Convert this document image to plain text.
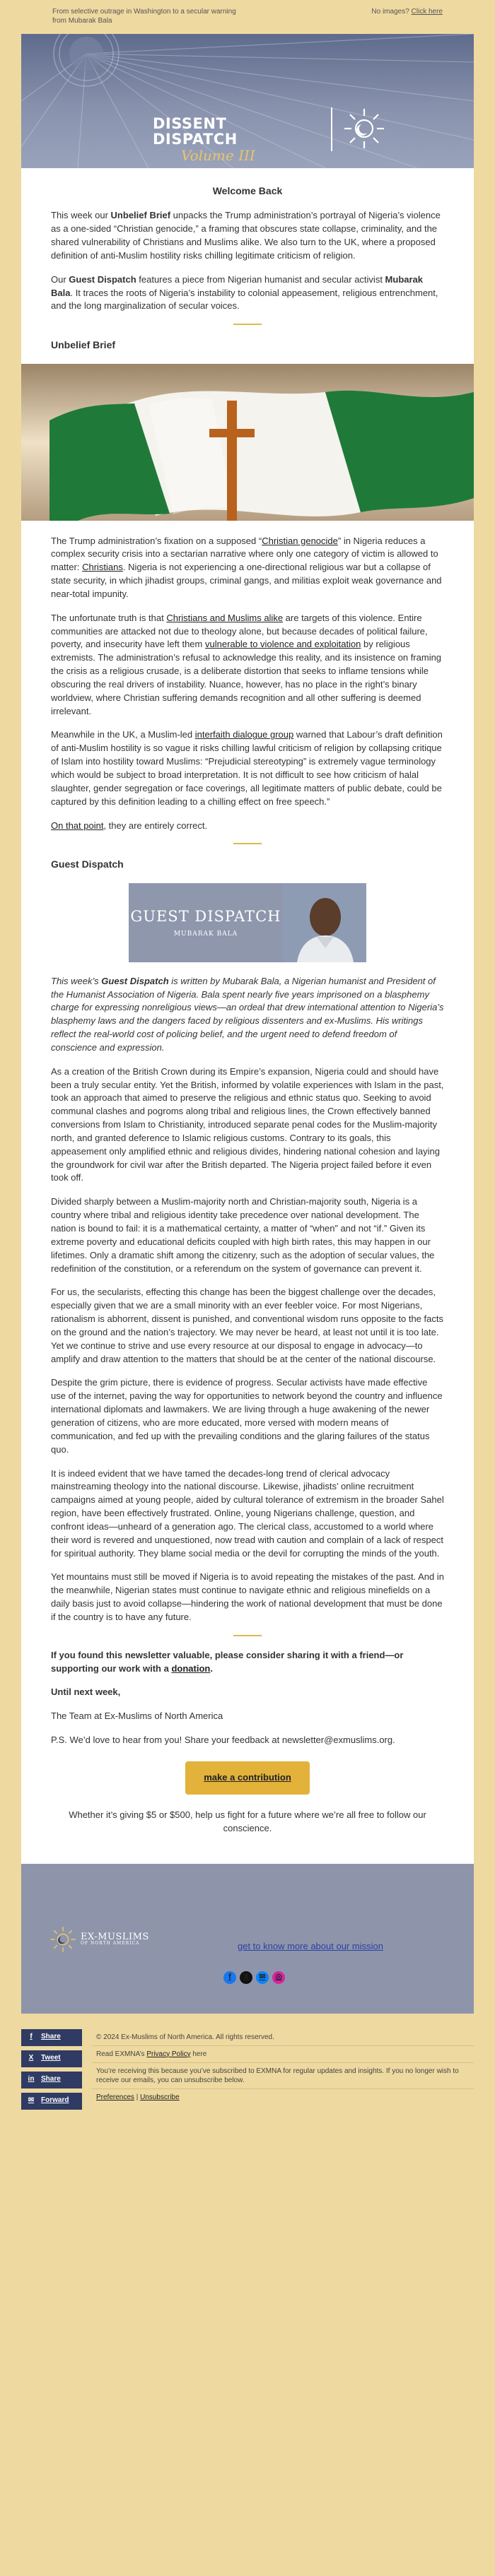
From selective outrage in Washington to a secular warning from Mubarak Bala
No images? Click here
DISSENT
DISPATCH
Volume III
Welcome Back

This week our Unbelief Brief unpacks the Trump administration’s portrayal of Nigeria’s violence as a one-sided “Christian genocide,” a framing that obscures state collapse, criminality, and the shared vulnerability of Christians and Muslims alike. We also turn to the UK, where a proposed definition of anti-Muslim hostility risks chilling legitimate criticism of religion.

Our Guest Dispatch features a piece from Nigerian humanist and secular activist Mubarak Bala. It traces the roots of Nigeria’s instability to colonial appeasement, religious entrenchment, and the long marginalization of secular voices.

Unbelief Brief

The Trump administration’s fixation on a supposed “Christian genocide” in Nigeria reduces a complex security crisis into a sectarian narrative where only one category of victim is allowed to matter: Christians. Nigeria is not experiencing a one-directional religious war but a collapse of state security, in which jihadist groups, criminal gangs, and militias exploit weak governance and near-total impunity.

The unfortunate truth is that Christians and Muslims alike are targets of this violence. Entire communities are attacked not due to theology alone, but because decades of political failure, poverty, and insecurity have left them vulnerable to violence and exploitation by religious extremists. The administration’s refusal to acknowledge this reality, and its insistence on framing the crisis as a religious crusade, is a deliberate distortion that seeks to inflame tensions while obscuring the real drivers of instability. Nuance, however, has no place in the right’s binary worldview, where Christian suffering demands recognition and all other suffering is deemed irrelevant.

Meanwhile in the UK, a Muslim-led interfaith dialogue group warned that Labour’s draft definition of anti-Muslim hostility is so vague it risks chilling lawful criticism of religion by collapsing critique of Islam into hostility toward Muslims: “Prejudicial stereotyping” is extremely vague terminology which would be subject to broad interpretation. It is not difficult to see how criticism of halal slaughter, gender segregation or face coverings, all legitimate matters of public debate, could be captured by this definition leading to a chilling effect on free speech.”

On that point, they are entirely correct.

Guest Dispatch
GUEST DISPATCH
MUBARAK BALA

This week’s Guest Dispatch is written by Mubarak Bala, a Nigerian humanist and President of the Humanist Association of Nigeria. Bala spent nearly five years imprisoned on a blasphemy charge for expressing nonreligious views—an ordeal that drew international attention to Nigeria’s blasphemy laws and the dangers faced by religious dissenters and ex-Muslims. His writings reflect the real-world cost of policing belief, and the urgent need to defend freedom of conscience and expression.

As a creation of the British Crown during its Empire’s expansion, Nigeria could and should have been a truly secular entity. Yet the British, informed by volatile experiences with Islam in the past, took an approach that aimed to preserve the religious and ethnic status quo. Seeking to avoid communal clashes and pogroms along tribal and religious lines, the Crown effectively banned conversions from Islam to Christianity, introduced separate penal codes for the Muslim-majority north, and granted deference to Islamic religious customs. Contrary to its goals, this appeasement only amplified ethnic and religious divides, hindering national cohesion and laying the groundwork for civil war after the British departed. The Nigeria project failed before it even took off.

Divided sharply between a Muslim-majority north and Christian-majority south, Nigeria is a country where tribal and religious identity take precedence over national development. The nation is bound to fail: it is a mathematical certainty, a matter of “when” and not “if.” Given its extreme poverty and educational deficits coupled with high birth rates, this may happen in our lifetimes. Only a dramatic shift among the citizenry, such as the adoption of secular values, the redefinition of the constitution, or a referendum on the system of governance can prevent it.

For us, the secularists, effecting this change has been the biggest challenge over the decades, especially given that we are a small minority with an ever feebler voice. For most Nigerians, rationalism is abhorrent, dissent is punished, and conventional wisdom runs opposite to the facts on the ground and the nation’s trajectory. We may never be heard, at least not until it is too late. Yet we continue to strive and use every resource at our disposal to engage in advocacy—to amplify and draw attention to the matters that should be at the center of the national discourse.

Despite the grim picture, there is evidence of progress. Secular activists have made effective use of the internet, paving the way for opportunities to network beyond the country and influence international diplomats and lawmakers. We are living through a huge awakening of the newer generation of citizens, who are more educated, more versed with modern means of communication, and fed up with the prevailing conditions and the glaring failures of the status quo.

It is indeed evident that we have tamed the decades-long trend of clerical advocacy mainstreaming theology into the national discourse. Likewise, jihadists’ online recruitment campaigns aimed at young people, aided by cultural tolerance of extremism in the broader Sahel region, have been effectively frustrated. Online, young Nigerians challenge, question, and confront ideas—unheard of a generation ago. The clerical class, accustomed to a world where their word is revered and unquestioned, now tread with caution and complain of a lack of respect for spiritual authority. They blame social media or the devil for corrupting the minds of the youth.

Yet mountains must still be moved if Nigeria is to avoid repeating the mistakes of the past. And in the meanwhile, Nigerian states must continue to navigate ethnic and religious minefields on a daily basis just to avoid collapse—hindering the work of national development that must be done if the country is to have any future.

If you found this newsletter valuable, please consider sharing it with a friend—or supporting our work with a donation.

Until next week,

The Team at Ex-Muslims of North America

P.S. We’d love to hear from you! Share your feedback at newsletter@exmuslims.org.

make a contribution
Whether it’s giving $5 or $500, help us fight for a future where we’re all free to follow our conscience.
EX-MUSLIMS
OF NORTH AMERICA	get to know more about our mission
f	X	✉	◎
f	Share
X Tweet
in Share
✉ Forward
© 2024 Ex-Muslims of North America. All rights reserved.
Read EXMNA’s Privacy Policy here
You’re receiving this because you’ve subscribed to EXMNA for regular updates and insights. If you no longer wish to receive our emails, you can unsubscribe below.
Preferences | Unsubscribe
